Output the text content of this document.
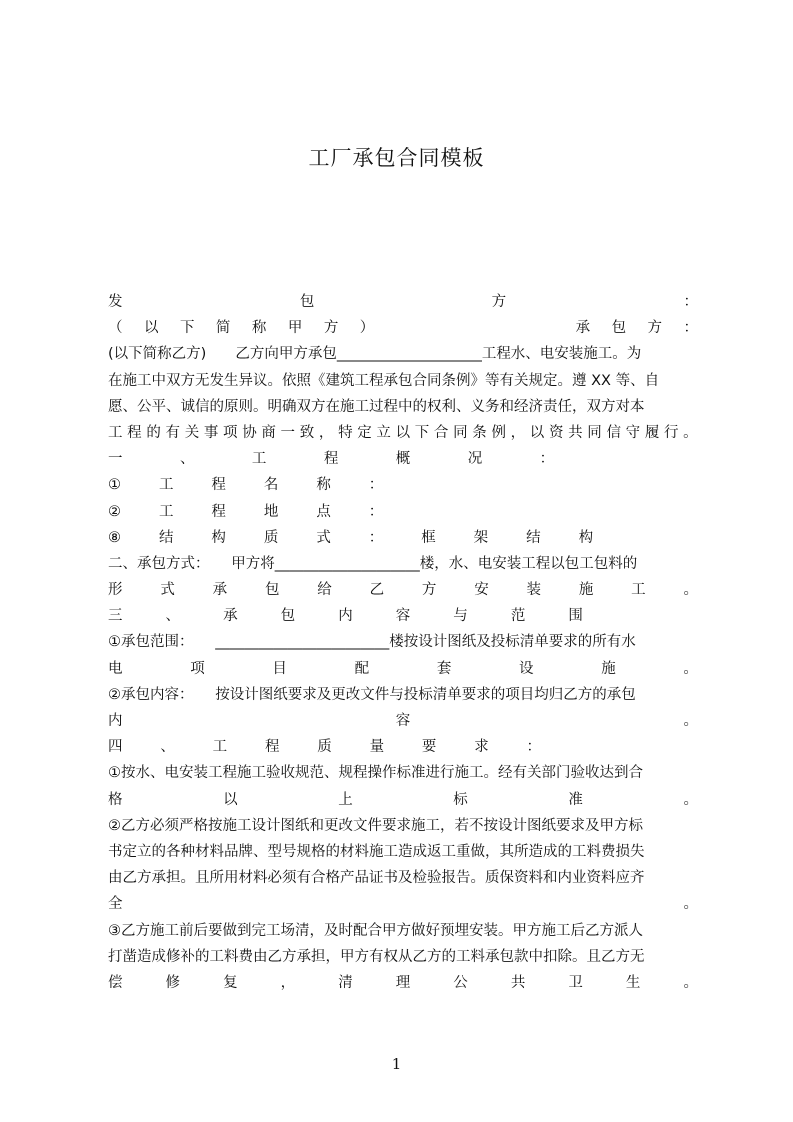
工厂承包合同模板
发	包	方	：
（ 以 下 简 称 甲 方 ）

　	承 包 方 ：
(以下简称乙方)　　乙方向甲方承包____________________工程水、电安装施工。为
在施工中双方无发生异议。依照《建筑工程承包合同条例》等有关规定。遵 XX 等、自
愿、公平、诚信的原则。明确双方在施工过程中的权利、义务和经济责任，双方对本
工 程 的 有 关 事 项 协 商 一 致 ， 特 定 立 以 下 合 同 条 例 ， 以 资 共 同 信 守 履 行 。
一	、	工	程	概	况	：

①	工	程	名	称	：

②	工	程	地	点	：

⑧	结	构	质	式	：	框	架	结	构

二、承包方式：　　甲方将____________________楼，水、电安装工程以包工包料的
形	式	承	包	给	乙	方	安	装	施	工	。
三	、	承	包	内	容	与	范	围

①承包范围：　　________________________楼按设计图纸及投标清单要求的所有水
电	项	目	配	套	设	施	。
②承包内容：　　按设计图纸要求及更改文件与投标清单要求的项目均归乙方的承包
内	容	。
四	、	工	程	质	量	要	求	：

①按水、电安装工程施工验收规范、规程操作标准进行施工。经有关部门验收达到合
格	以	上	标	准	。
②乙方必须严格按施工设计图纸和更改文件要求施工，若不按设计图纸要求及甲方标
书定立的各种材料品牌、型号规格的材料施工造成返工重做，其所造成的工料费损失
由乙方承担。且所用材料必须有合格产品证书及检验报告。质保资料和内业资料应齐
全	。
③乙方施工前后要做到完工场清，及时配合甲方做好预埋安装。甲方施工后乙方派人
打凿造成修补的工料费由乙方承担，甲方有权从乙方的工料承包款中扣除。且乙方无
偿	修	复	，	清	理	公	共	卫	生	。
1
